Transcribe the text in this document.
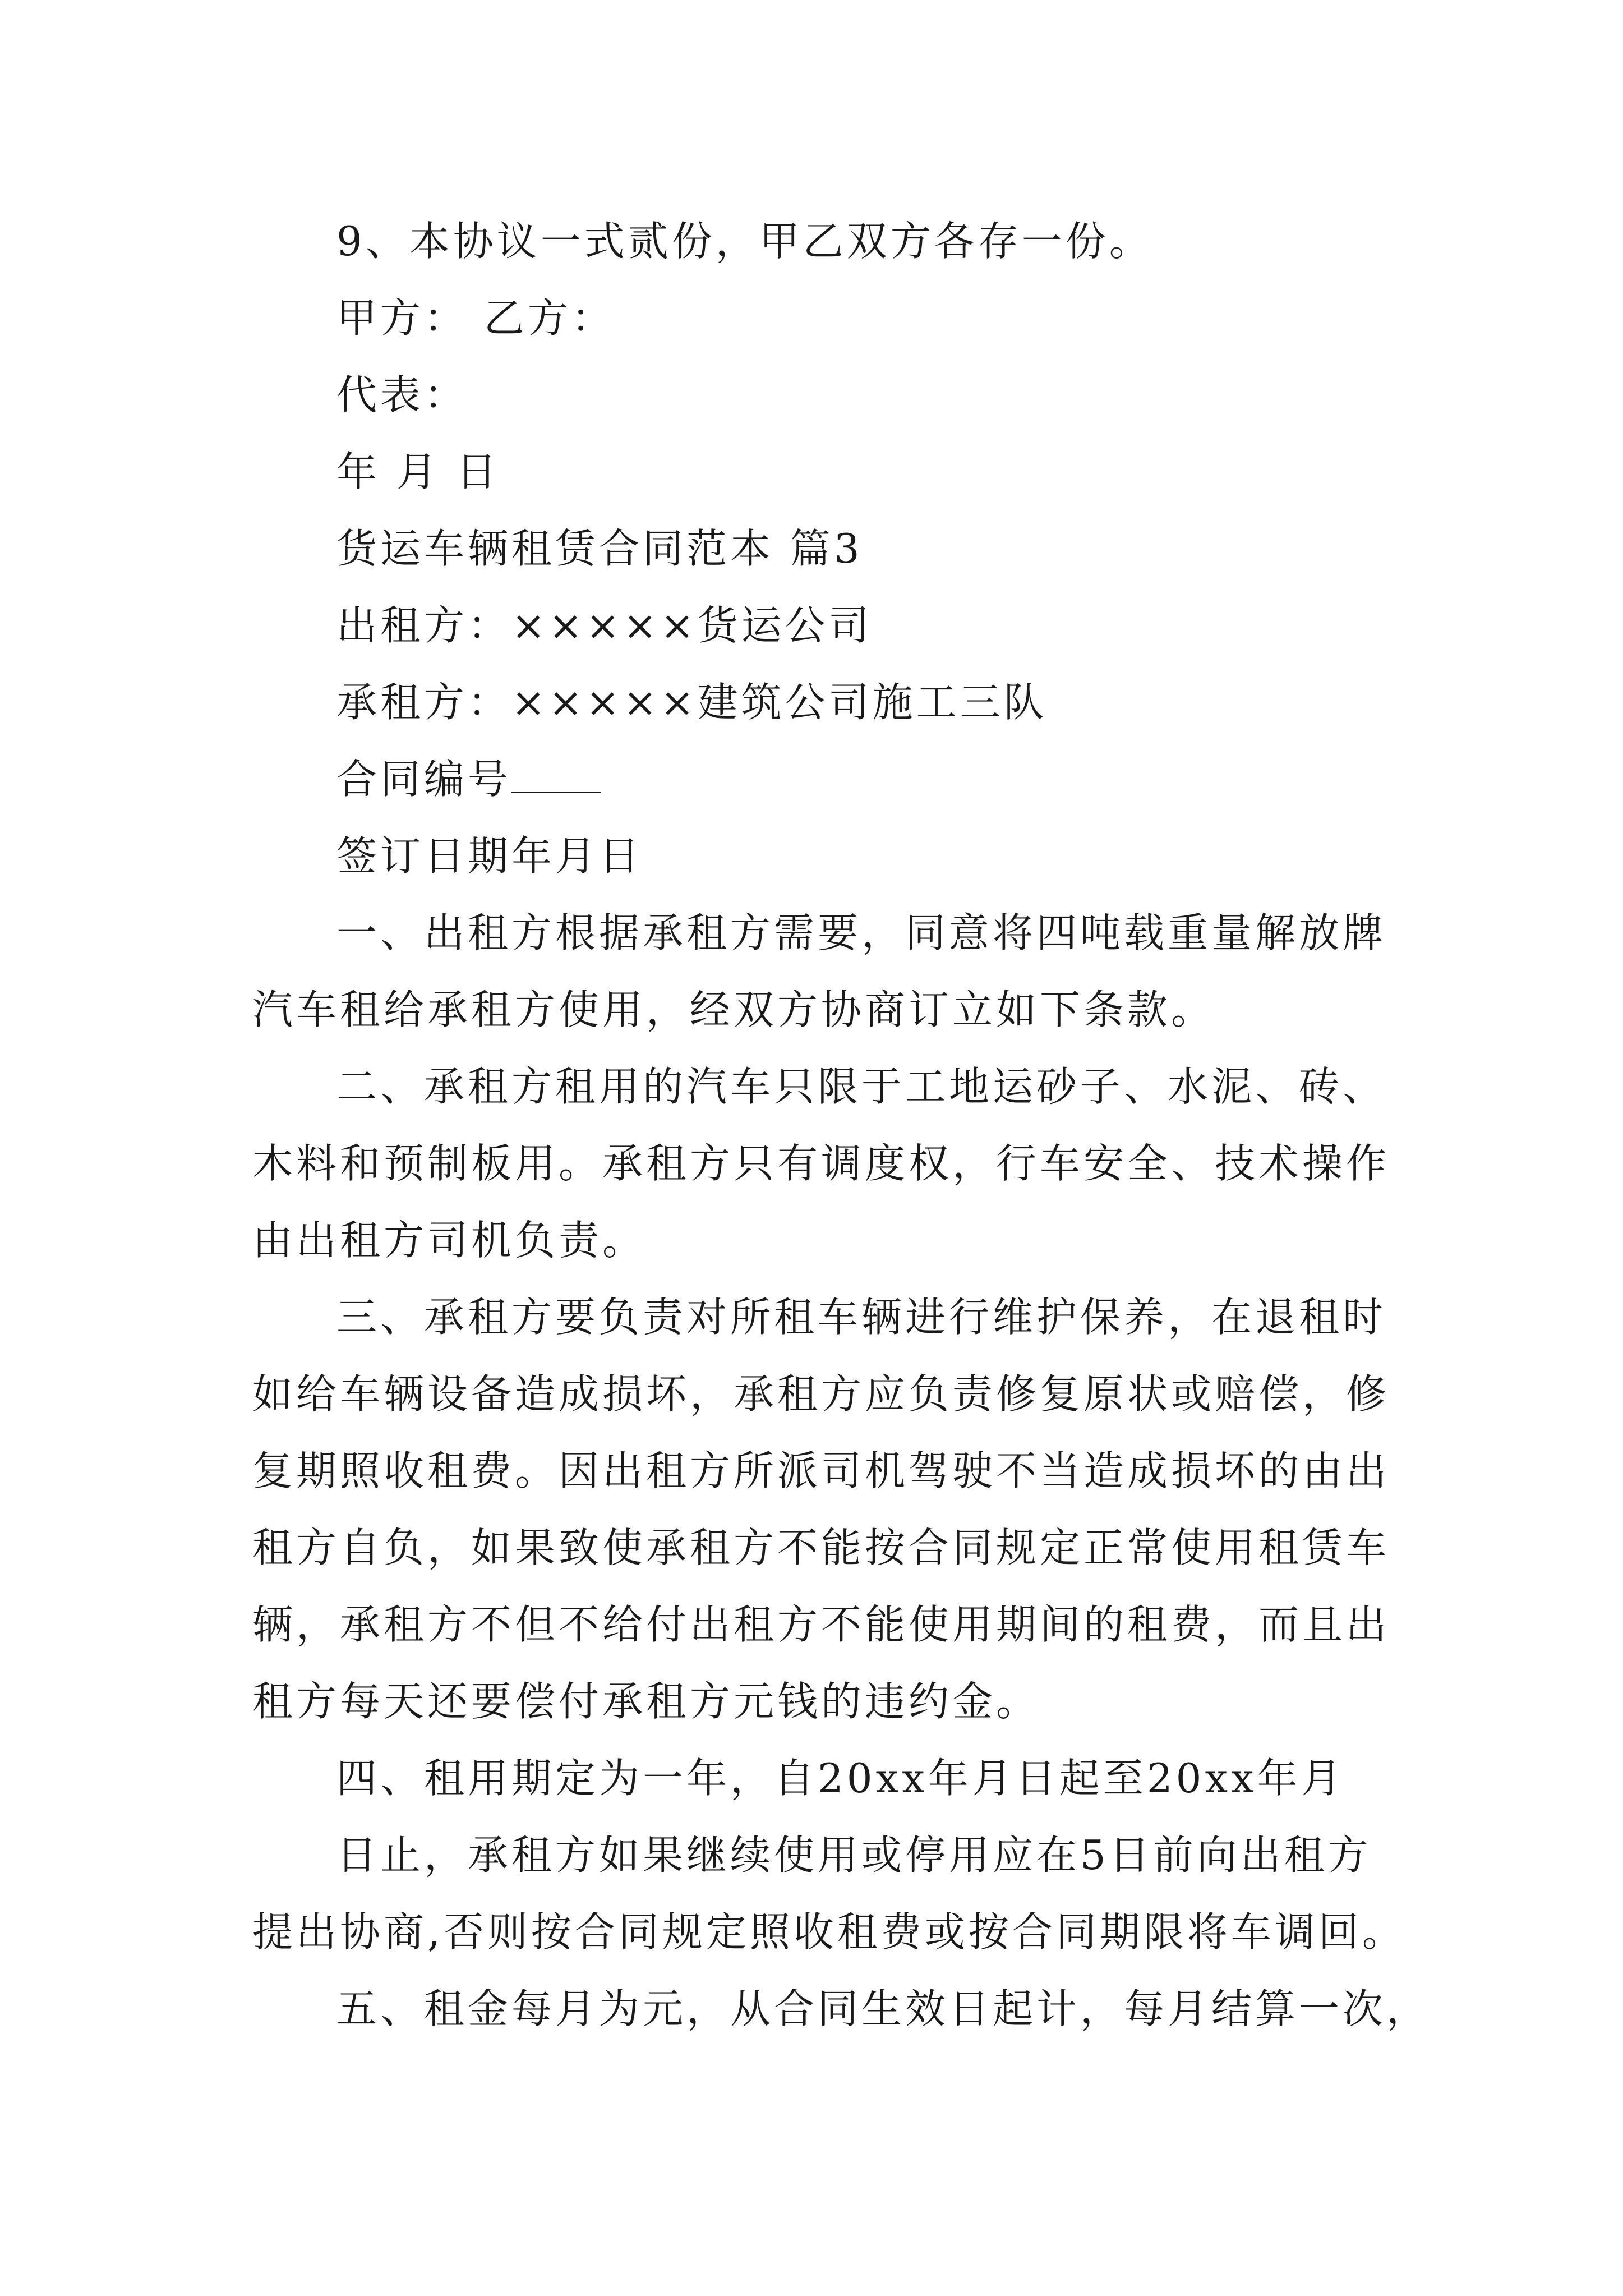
9、本协议一式贰份，甲乙双方各存一份。
甲方： 乙方：
代表：
年 月 日
货运车辆租赁合同范本 篇3
出租方：×××××货运公司
承租方：×××××建筑公司施工三队
合同编号
签订日期年月日
一、出租方根据承租方需要，同意将四吨载重量解放牌
汽车租给承租方使用，经双方协商订立如下条款。
二、承租方租用的汽车只限于工地运砂子、水泥、砖、
木料和预制板用。承租方只有调度权，行车安全、技术操作
由出租方司机负责。
三、承租方要负责对所租车辆进行维护保养，在退租时
如给车辆设备造成损坏，承租方应负责修复原状或赔偿，修
复期照收租费。因出租方所派司机驾驶不当造成损坏的由出
租方自负，如果致使承租方不能按合同规定正常使用租赁车
辆，承租方不但不给付出租方不能使用期间的租费，而且出
租方每天还要偿付承租方元钱的违约金。
四、租用期定为一年，自20xx年月日起至20xx年月
日止，承租方如果继续使用或停用应在5日前向出租方
提出协商,否则按合同规定照收租费或按合同期限将车调回。
五、租金每月为元，从合同生效日起计，每月结算一次，
